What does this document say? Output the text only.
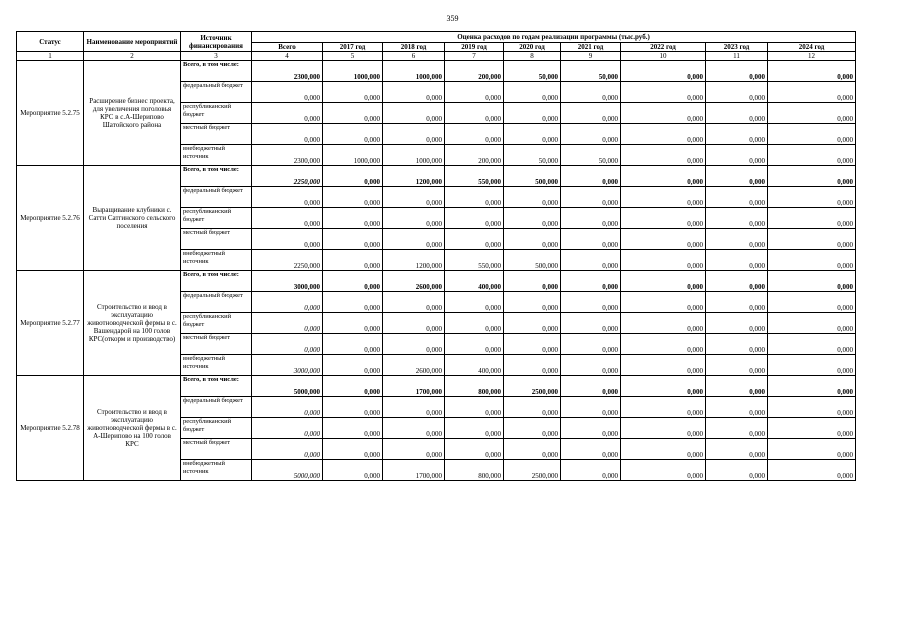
359
Статус	Наименование мероприятий	Источник финансирования	Оценка расходов по годам реализации программы (тыс.руб.)								
			Всего	2017 год	2018 год	2019 год	2020 год	2021 год	2022 год	2023 год	2024 год
1	2	3	4	5	6	7	8	9	10	11	12
Мероприятие 5.2.75	Расширение бизнес проекта, для увеличения поголовья КРС в с.А-Шерипово Шатойского района	Всего, в том числе:	2300,000	1000,000	1000,000	200,000	50,000	50,000	0,000	0,000	0,000
		федеральный бюджет	0,000	0,000	0,000	0,000	0,000	0,000	0,000	0,000	0,000
		республиканский бюджет	0,000	0,000	0,000	0,000	0,000	0,000	0,000	0,000	0,000
		местный бюджет	0,000	0,000	0,000	0,000	0,000	0,000	0,000	0,000	0,000
		внебюджетный источник	2300,000	1000,000	1000,000	200,000	50,000	50,000	0,000	0,000	0,000
Мероприятие 5.2.76	Выращивание клубники с. Сатти Сатгинского сельского поселения	Всего, в том числе:	2250,000	0,000	1200,000	550,000	500,000	0,000	0,000	0,000	0,000
		федеральный бюджет	0,000	0,000	0,000	0,000	0,000	0,000	0,000	0,000	0,000
		республиканский бюджет	0,000	0,000	0,000	0,000	0,000	0,000	0,000	0,000	0,000
		местный бюджет	0,000	0,000	0,000	0,000	0,000	0,000	0,000	0,000	0,000
		внебюджетный источник	2250,000	0,000	1200,000	550,000	500,000	0,000	0,000	0,000	0,000
Мероприятие 5.2.77	Строительство и ввод в эксплуатацию животноводческой фермы в с. Вашендарой на 100 голов КРС(откорм и производство)	Всего, в том числе:	3000,000	0,000	2600,000	400,000	0,000	0,000	0,000	0,000	0,000
		федеральный бюджет	0,000	0,000	0,000	0,000	0,000	0,000	0,000	0,000	0,000
		республиканский бюджет	0,000	0,000	0,000	0,000	0,000	0,000	0,000	0,000	0,000
		местный бюджет	0,000	0,000	0,000	0,000	0,000	0,000	0,000	0,000	0,000
		внебюджетный источник	3000,000	0,000	2600,000	400,000	0,000	0,000	0,000	0,000	0,000
Мероприятие 5.2.78	Строительство и ввод в эксплуатацию животноводческой фермы в с. А-Шерипово на 100 голов КРС	Всего, в том числе:	5000,000	0,000	1700,000	800,000	2500,000	0,000	0,000	0,000	0,000
		федеральный бюджет	0,000	0,000	0,000	0,000	0,000	0,000	0,000	0,000	0,000
		республиканский бюджет	0,000	0,000	0,000	0,000	0,000	0,000	0,000	0,000	0,000
		местный бюджет	0,000	0,000	0,000	0,000	0,000	0,000	0,000	0,000	0,000
		внебюджетный источник	5000,000	0,000	1700,000	800,000	2500,000	0,000	0,000	0,000	0,000
